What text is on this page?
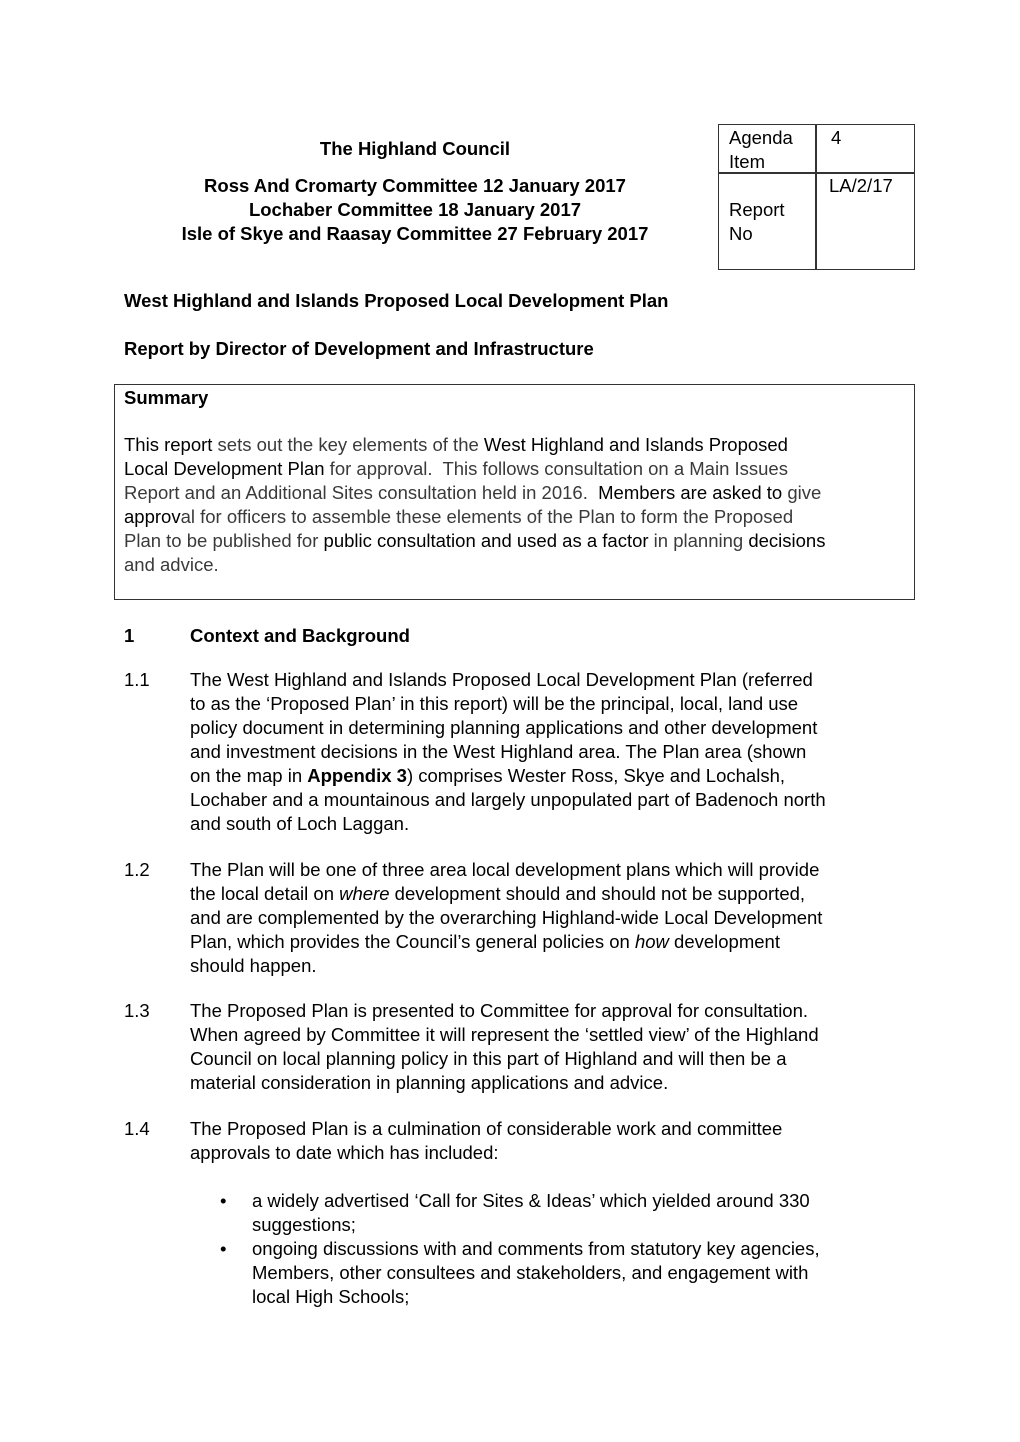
The Highland Council
Ross And Cromarty Committee 12 January 2017
Lochaber Committee 18 January 2017
Isle of Skye and Raasay Committee 27 February 2017
Agenda
Item
4
Report
No
LA/2/17
West Highland and Islands Proposed Local Development Plan
Report by Director of Development and Infrastructure
Summary
This report sets out the key elements of the West Highland and Islands Proposed
Local Development Plan for approval.  This follows consultation on a Main Issues
Report and an Additional Sites consultation held in 2016.  Members are asked to give
approval for officers to assemble these elements of the Plan to form the Proposed
Plan to be published for public consultation and used as a factor in planning decisions
and advice.
1	Context and Background
1.1 The West Highland and Islands Proposed Local Development Plan (referred
to as the ‘Proposed Plan’ in this report) will be the principal, local, land use
policy document in determining planning applications and other development
and investment decisions in the West Highland area. The Plan area (shown
on the map in Appendix 3) comprises Wester Ross, Skye and Lochalsh,
Lochaber and a mountainous and largely unpopulated part of Badenoch north
and south of Loch Laggan.
1.2 The Plan will be one of three area local development plans which will provide
the local detail on where development should and should not be supported,
and are complemented by the overarching Highland-wide Local Development
Plan, which provides the Council’s general policies on how development
should happen.
1.3 The Proposed Plan is presented to Committee for approval for consultation.
When agreed by Committee it will represent the ‘settled view’ of the Highland
Council on local planning policy in this part of Highland and will then be a
material consideration in planning applications and advice.
1.4 The Proposed Plan is a culmination of considerable work and committee
approvals to date which has included:
• a widely advertised ‘Call for Sites & Ideas’ which yielded around 330
suggestions;
• ongoing discussions with and comments from statutory key agencies,
Members, other consultees and stakeholders, and engagement with
local High Schools;
